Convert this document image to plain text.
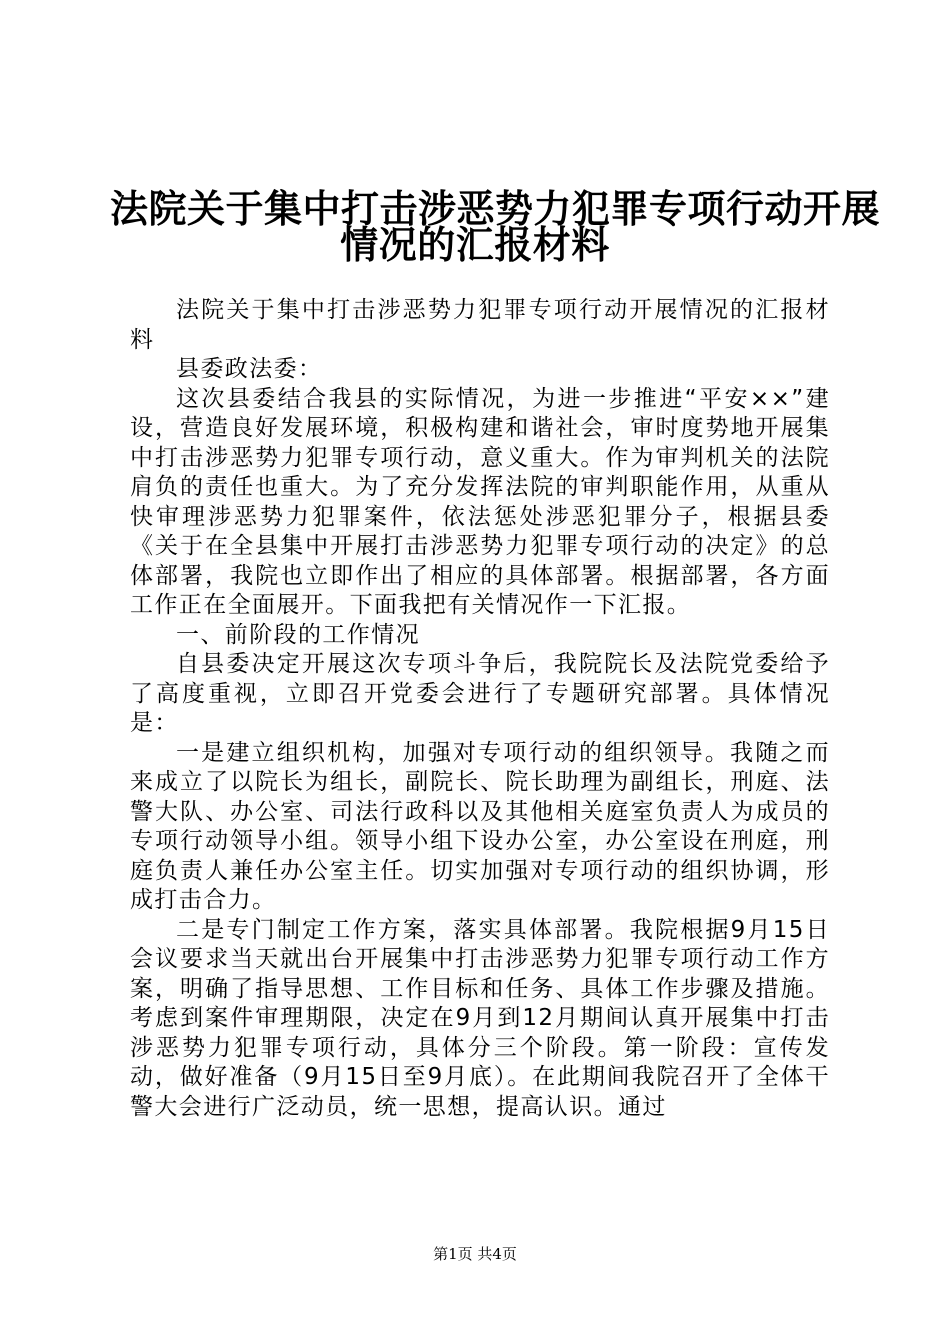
法院关于集中打击涉恶势力犯罪专项行动开展
情况的汇报材料

法院关于集中打击涉恶势力犯罪专项行动开展情况的汇报材料

县委政法委：

这次县委结合我县的实际情况，为进一步推进“平安××”建设，营造良好发展环境，积极构建和谐社会，审时度势地开展集中打击涉恶势力犯罪专项行动，意义重大。作为审判机关的法院肩负的责任也重大。为了充分发挥法院的审判职能作用，从重从快审理涉恶势力犯罪案件，依法惩处涉恶犯罪分子，根据县委《关于在全县集中开展打击涉恶势力犯罪专项行动的决定》的总体部署，我院也立即作出了相应的具体部署。根据部署，各方面工作正在全面展开。下面我把有关情况作一下汇报。

一、前阶段的工作情况

自县委决定开展这次专项斗争后，我院院长及法院党委给予了高度重视，立即召开党委会进行了专题研究部署。具体情况是：

一是建立组织机构，加强对专项行动的组织领导。我随之而来成立了以院长为组长，副院长、院长助理为副组长，刑庭、法警大队、办公室、司法行政科以及其他相关庭室负责人为成员的专项行动领导小组。领导小组下设办公室，办公室设在刑庭，刑庭负责人兼任办公室主任。切实加强对专项行动的组织协调，形成打击合力。

二是专门制定工作方案，落实具体部署。我院根据9月15日会议要求当天就出台开展集中打击涉恶势力犯罪专项行动工作方案，明确了指导思想、工作目标和任务、具体工作步骤及措施。考虑到案件审理期限，决定在9月到12月期间认真开展集中打击涉恶势力犯罪专项行动，具体分三个阶段。第一阶段：宣传发动，做好准备（9月15日至9月底）。在此期间我院召开了全体干警大会进行广泛动员，统一思想，提高认识。通过

第1页 共4页
